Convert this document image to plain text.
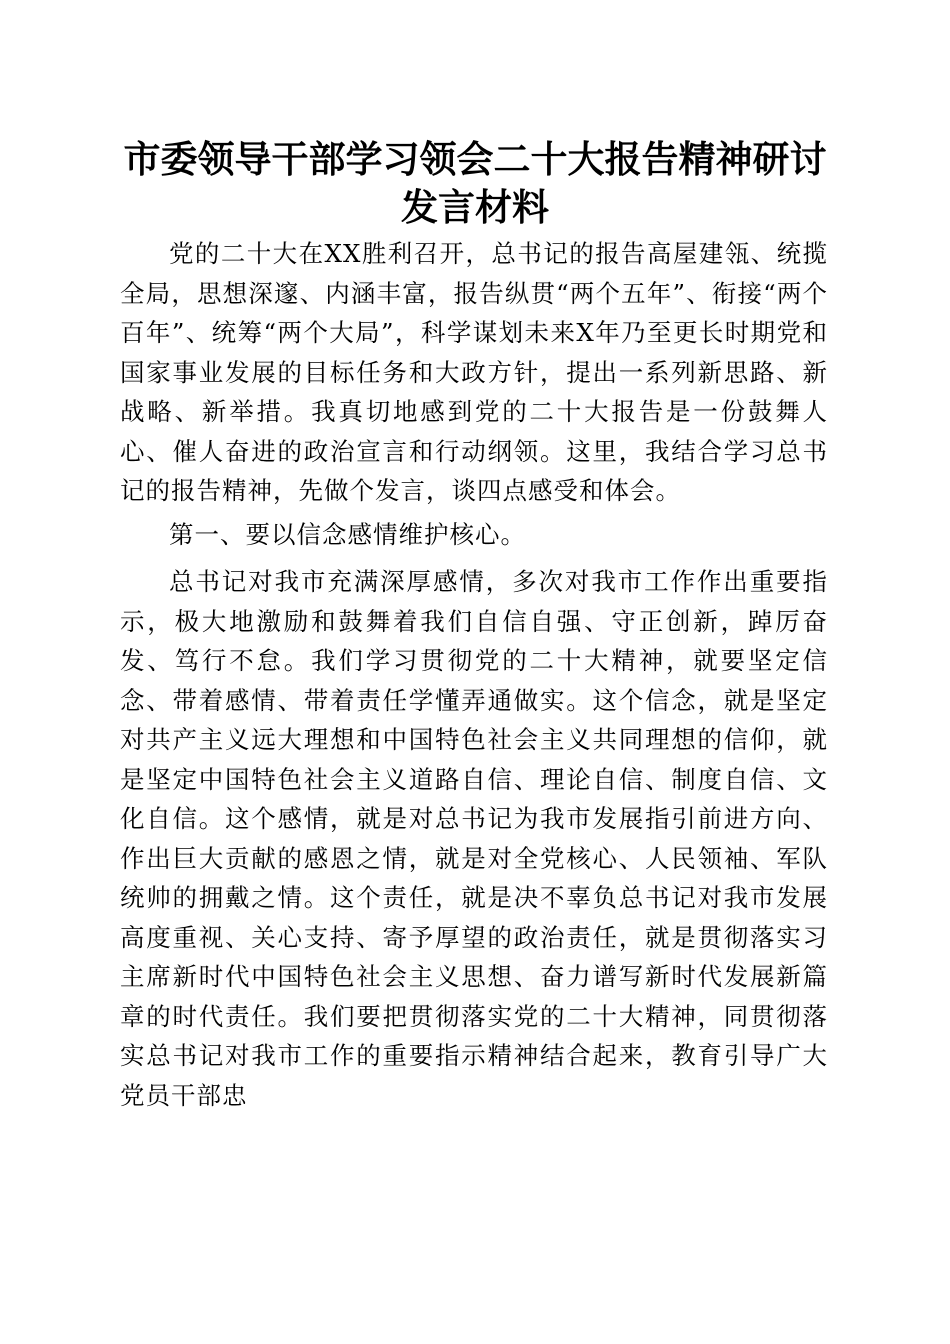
市委领导干部学习领会二十大报告精神研讨发言材料

党的二十大在XX胜利召开，总书记的报告高屋建瓴、统揽全局，思想深邃、内涵丰富，报告纵贯“两个五年”、衔接“两个百年”、统筹“两个大局”，科学谋划未来X年乃至更长时期党和国家事业发展的目标任务和大政方针，提出一系列新思路、新战略、新举措。我真切地感到党的二十大报告是一份鼓舞人心、催人奋进的政治宣言和行动纲领。这里，我结合学习总书记的报告精神，先做个发言，谈四点感受和体会。

第一、要以信念感情维护核心。

总书记对我市充满深厚感情，多次对我市工作作出重要指示，极大地激励和鼓舞着我们自信自强、守正创新，踔厉奋发、笃行不怠。我们学习贯彻党的二十大精神，就要坚定信念、带着感情、带着责任学懂弄通做实。这个信念，就是坚定对共产主义远大理想和中国特色社会主义共同理想的信仰，就是坚定中国特色社会主义道路自信、理论自信、制度自信、文化自信。这个感情，就是对总书记为我市发展指引前进方向、作出巨大贡献的感恩之情，就是对全党核心、人民领袖、军队统帅的拥戴之情。这个责任，就是决不辜负总书记对我市发展高度重视、关心支持、寄予厚望的政治责任，就是贯彻落实习主席新时代中国特色社会主义思想、奋力谱写新时代发展新篇章的时代责任。我们要把贯彻落实党的二十大精神，同贯彻落实总书记对我市工作的重要指示精神结合起来，教育引导广大党员干部忠
